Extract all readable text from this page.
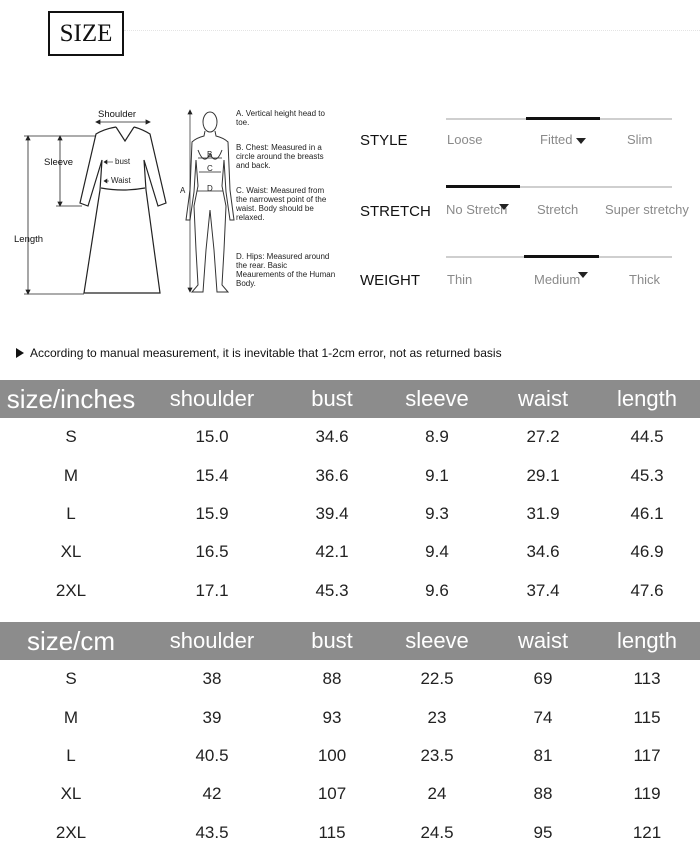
SIZE
Shoulder
Sleeve
Length
bust
Waist
A
B
C
D
A. Vertical height head to toe.
B. Chest: Measured in a circle around the breasts and back.
C. Waist: Measured from the narrowest point of the waist. Body should be relaxed.
D. Hips: Measured around the rear. Basic Meaurements of the Human Body.
STYLE	Loose	Fitted	Slim
STRETCH No Stretch Stretch Super stretchy
WEIGHT Thin	Medium	Thick
According to manual measurement, it is inevitable that 1-2cm error, not as returned basis
size/inches	shoulder	bust	sleeve	waist	length
S	15.0	34.6	8.9	27.2	44.5
M	15.4	36.6	9.1	29.1	45.3
L	15.9	39.4	9.3	31.9	46.1
XL	16.5	42.1	9.4	34.6	46.9
2XL	17.1	45.3	9.6	37.4	47.6
size/cm	shoulder	bust	sleeve	waist	length
S	38	88	22.5	69	113
M	39	93	23	74	115
L	40.5	100	23.5	81	117
XL	42	107	24	88	119
2XL	43.5	115	24.5	95	121
